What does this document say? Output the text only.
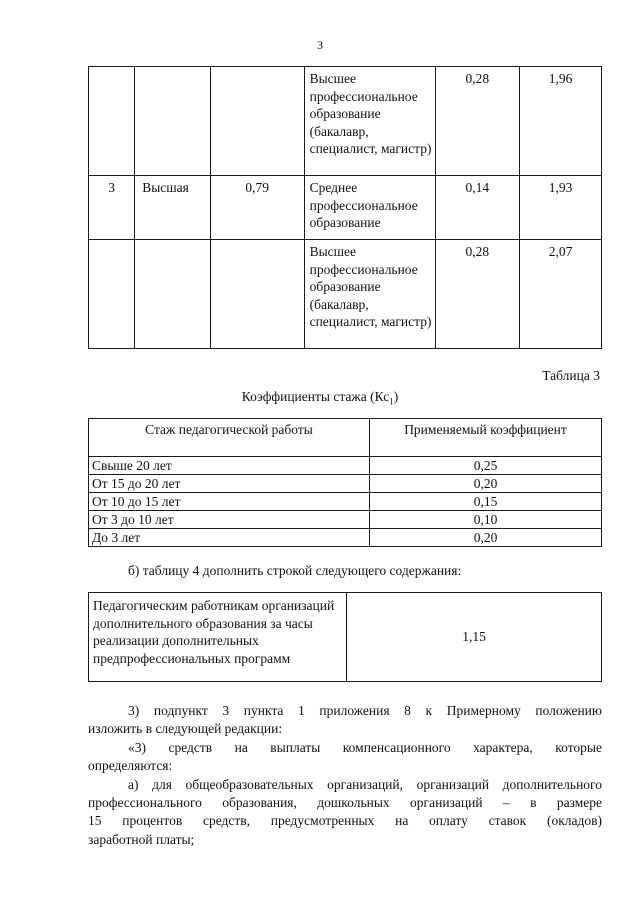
3
			Высшее профессиональное образование (бакалавр, специалист, магистр)	0,28	1,96
3	Высшая	0,79	Среднее профессиональное образование	0,14	1,93
			Высшее профессиональное образование (бакалавр, специалист, магистр)	0,28	2,07
Таблица 3
Коэффициенты стажа $(Кс_1)$
Стаж педагогической работы	Применяемый коэффициент
Свыше 20 лет	0,25
От 15 до 20 лет	0,20
От 10 до 15 лет	0,15
От 3 до 10 лет	0,10
До 3 лет	0,20
б) таблицу 4 дополнить строкой следующего содержания:
Педагогическим работникам организаций дополнительного образования за часы реализации дополнительных предпрофессиональных программ	1,15
3) подпункт 3 пункта 1 приложения 8 к Примерному положению
изложить в следующей редакции:
«3) средств на выплаты компенсационного характера, которые
определяются:
а) для общеобразовательных организаций, организаций дополнительного
профессионального образования, дошкольных организаций – в размере
15 процентов средств, предусмотренных на оплату ставок (окладов)
заработной платы;
